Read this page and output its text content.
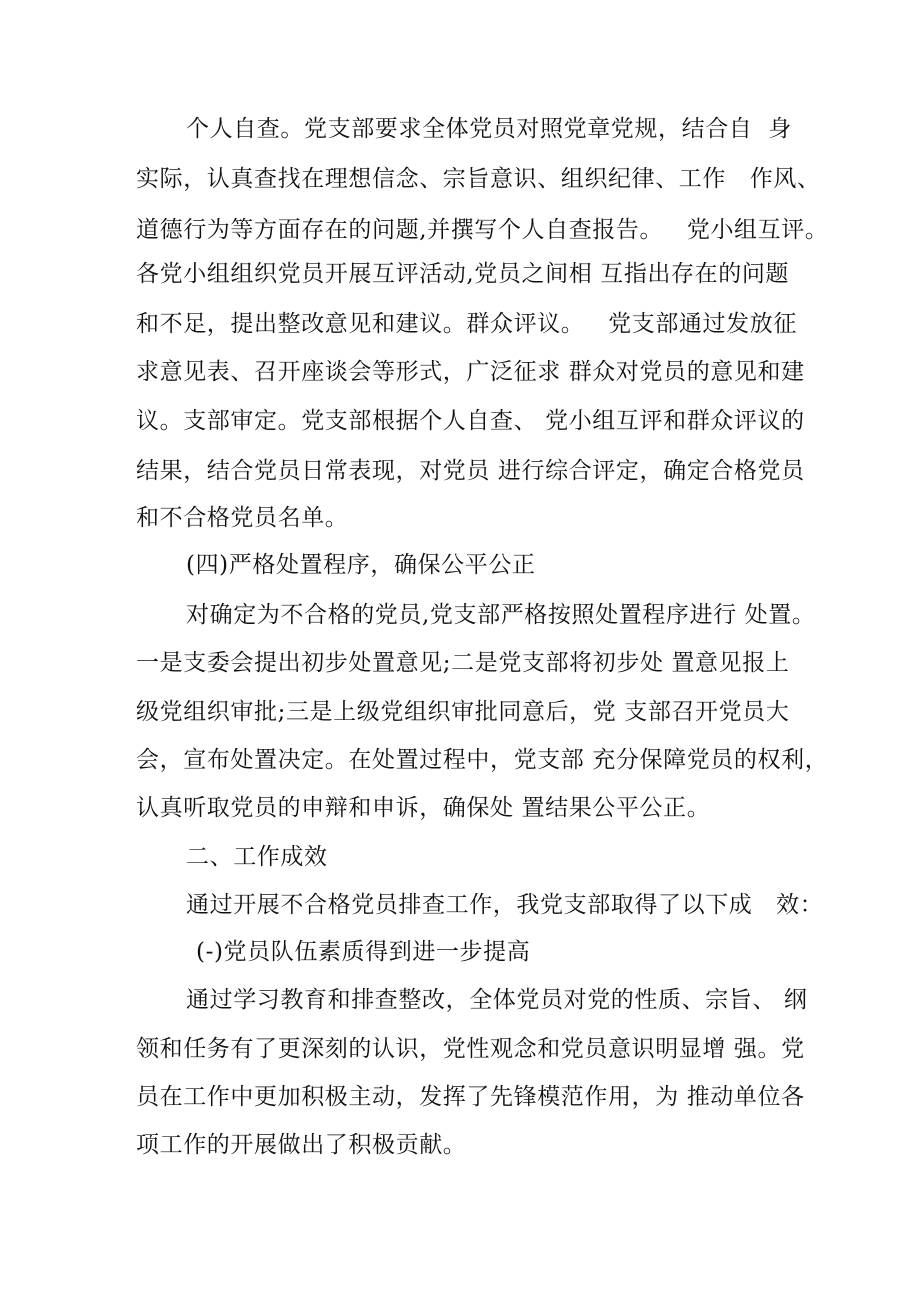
个人自查。党支部要求全体党员对照党章党规，结合自  身
实际，认真查找在理想信念、宗旨意识、组织纪律、工作   作风、
道德行为等方面存在的问题,并撰写个人自查报告。   党小组互评。
各党小组组织党员开展互评活动,党员之间相 互指出存在的问题
和不足，提出整改意见和建议。群众评议。   党支部通过发放征
求意见表、召开座谈会等形式，广泛征求 群众对党员的意见和建
议。支部审定。党支部根据个人自查、 党小组互评和群众评议的
结果，结合党员日常表现，对党员 进行综合评定，确定合格党员
和不合格党员名单。
(四)严格处置程序，确保公平公正
对确定为不合格的党员,党支部严格按照处置程序进行 处置。
一是支委会提出初步处置意见;二是党支部将初步处 置意见报上
级党组织审批;三是上级党组织审批同意后，党 支部召开党员大
会，宣布处置决定。在处置过程中，党支部 充分保障党员的权利，
认真听取党员的申辩和申诉，确保处 置结果公平公正。
二、工作成效
通过开展不合格党员排查工作，我党支部取得了以下成   效：
(-)党员队伍素质得到进一步提高
通过学习教育和排查整改，全体党员对党的性质、宗旨、 纲
领和任务有了更深刻的认识，党性观念和党员意识明显增 强。党
员在工作中更加积极主动，发挥了先锋模范作用，为 推动单位各
项工作的开展做出了积极贡献。
